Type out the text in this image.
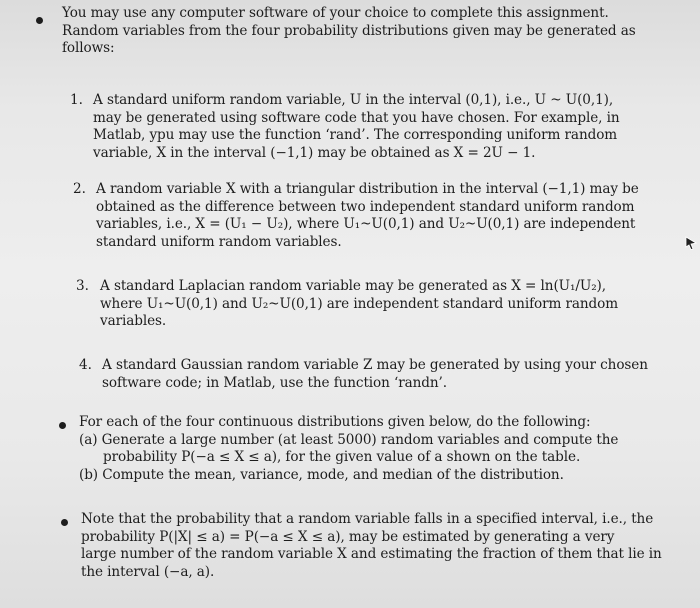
You may use any computer software of your choice to complete this assignment.
Random variables from the four probability distributions given may be generated as
follows:
1. A standard uniform random variable, U in the interval (0,1), i.e., U ~ U(0,1),
may be generated using software code that you have chosen. For example, in
Matlab, ypu may use the function ‘rand’. The corresponding uniform random
variable, X in the interval (−1,1) may be obtained as X = 2U − 1.
2. A random variable X with a triangular distribution in the interval (−1,1) may be
obtained as the difference between two independent standard uniform random
variables, i.e., X = (U₁ − U₂), where U₁~U(0,1) and U₂~U(0,1) are independent
standard uniform random variables.
3. A standard Laplacian random variable may be generated as X = ln(U₁/U₂),
where U₁~U(0,1) and U₂~U(0,1) are independent standard uniform random
variables.
4. A standard Gaussian random variable Z may be generated by using your chosen
software code; in Matlab, use the function ‘randn’.
For each of the four continuous distributions given below, do the following:
(a) Generate a large number (at least 5000) random variables and compute the
probability P(−a ≤ X ≤ a), for the given value of a shown on the table.
(b) Compute the mean, variance, mode, and median of the distribution.
Note that the probability that a random variable falls in a specified interval, i.e., the
probability P(|X| ≤ a) = P(−a ≤ X ≤ a), may be estimated by generating a very
large number of the random variable X and estimating the fraction of them that lie in
the interval (−a, a).
